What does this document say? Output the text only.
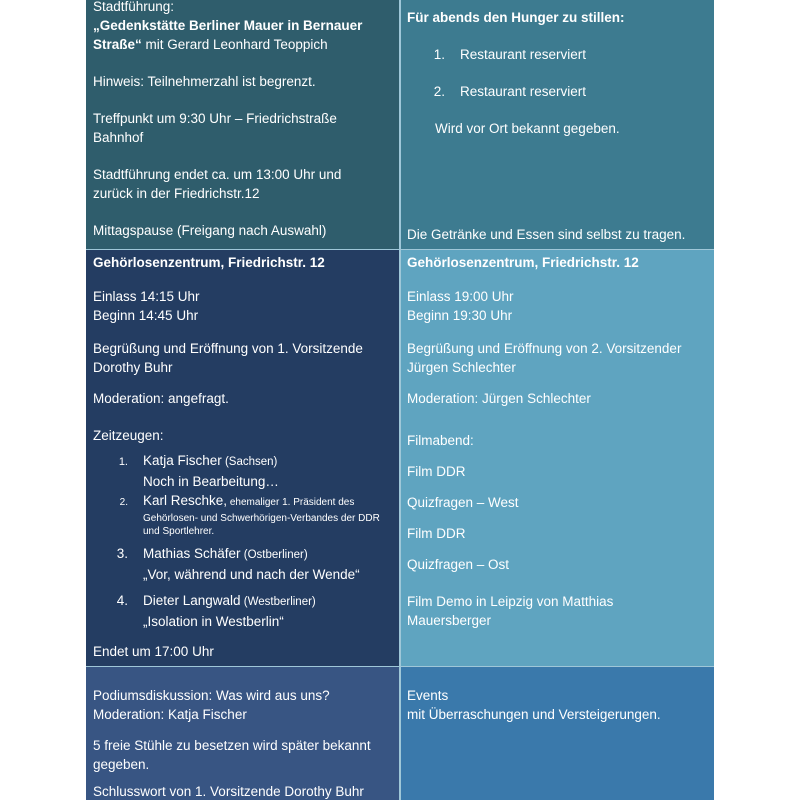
Stadtführung:

„Gedenkstätte Berliner Mauer in Bernauer Straße“ mit Gerard Leonhard Teoppich

Hinweis: Teilnehmerzahl ist begrenzt.

Treffpunkt um 9:30 Uhr – Friedrichstraße

Bahnhof

Stadtführung endet ca. um 13:00 Uhr und

zurück in der Friedrichstr.12

Mittagspause (Freigang nach Auswahl)

Für abends den Hunger zu stillen:

1. Restaurant reserviert

2. Restaurant reserviert

Wird vor Ort bekannt gegeben.

Die Getränke und Essen sind selbst zu tragen.

Gehörlosenzentrum, Friedrichstr. 12

Einlass 14:15 Uhr

Beginn 14:45 Uhr

Begrüßung und Eröffnung von 1. Vorsitzende

Dorothy Buhr

Moderation: angefragt.

Zeitzeugen:

1. Katja Fischer (Sachsen)

Noch in Bearbeitung…

2. Karl Reschke, ehemaliger 1. Präsident des

Gehörlosen- und Schwerhörigen-Verbandes der DDR

und Sportlehrer.

3. Mathias Schäfer (Ostberliner)

„Vor, während und nach der Wende“

4. Dieter Langwald (Westberliner)

„Isolation in Westberlin“

Endet um 17:00 Uhr

Gehörlosenzentrum, Friedrichstr. 12

Einlass 19:00 Uhr

Beginn 19:30 Uhr

Begrüßung und Eröffnung von 2. Vorsitzender

Jürgen Schlechter

Moderation: Jürgen Schlechter

Filmabend:

Film DDR

Quizfragen – West

Film DDR

Quizfragen – Ost

Film Demo in Leipzig von Matthias

Mauersberger

Podiumsdiskussion: Was wird aus uns?

Moderation: Katja Fischer

5 freie Stühle zu besetzen wird später bekannt

gegeben.

Schlusswort von 1. Vorsitzende Dorothy Buhr

Events

mit Überraschungen und Versteigerungen.
